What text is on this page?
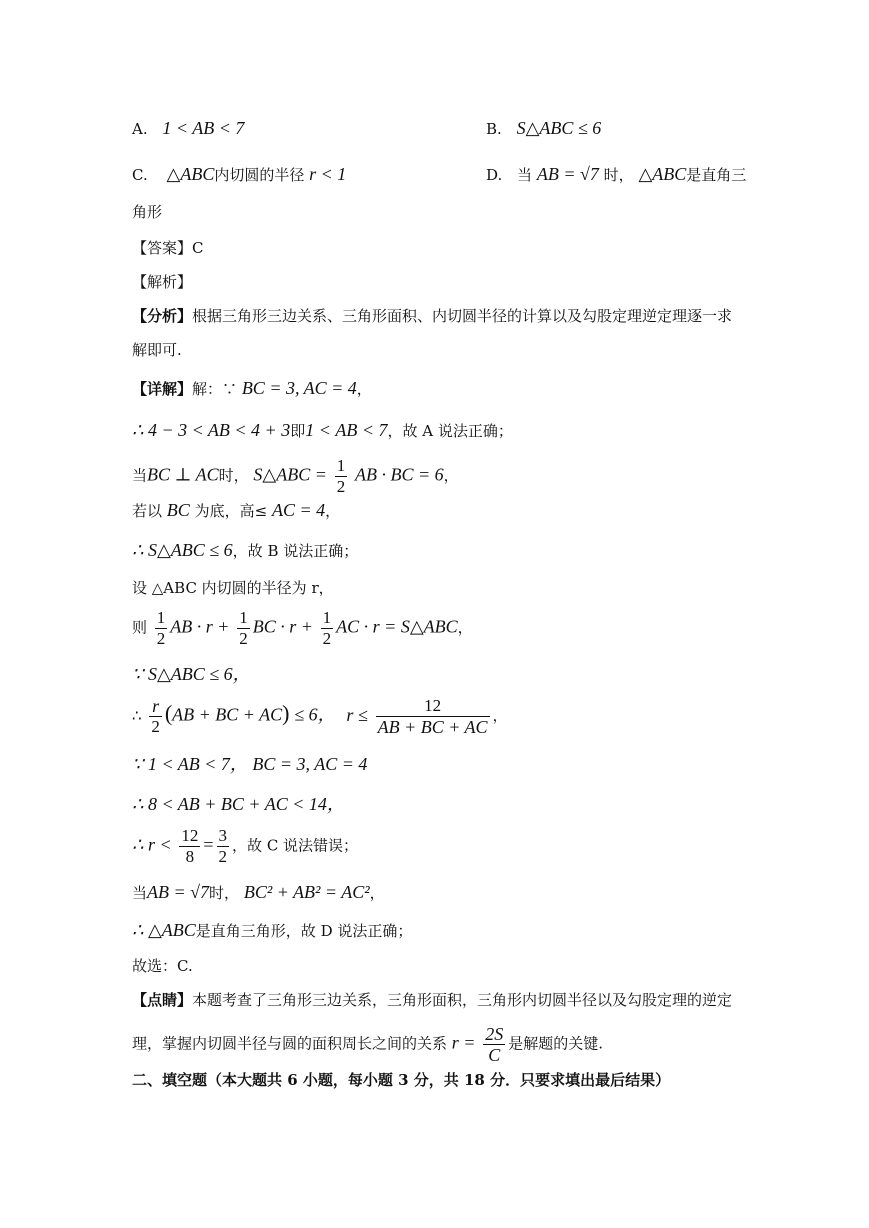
A. 1 < AB < 7	B. S△ABC ≤ 6
C. △ABC内切圆的半径 r < 1	D. 当 AB = √7 时， △ABC是直角三
角形
【答案】C
【解析】
【分析】根据三角形三边关系、三角形面积、内切圆半径的计算以及勾股定理逆定理逐一求
解即可.
【详解】解：∵ BC = 3, AC = 4，
∴ 4 − 3 < AB < 4 + 3即1 < AB < 7，故 A 说法正确；
当BC ⊥ AC时， S△ABC = $\frac{1}{2}$ AB · BC = 6，
若以 BC 为底，高≤ AC = 4，
∴ S△ABC ≤ 6，故 B 说法正确；
设 △ABC 内切圆的半径为 r，
则 $\frac{1}{2}$ AB · $r + \frac{1}{2}$ BC · $r + \frac{1}{2}$ AC · r = S△ABC，
∵ S△ABC ≤ 6，
∴ $\frac{r}{2} (AB$ + BC + AC) ≤ 6， $r \le \frac{12}{AB + BC + AC}$ ，
∵ 1 < AB < 7， BC = 3, AC = 4
∴ 8 < AB + BC + AC < 14，
∴ $r < \frac{12}{8} = \frac{3}{2}$ ，故 C 说法错误；
当AB = √7时， BC² + AB² = AC²，
∴ △ABC是直角三角形，故 D 说法正确；
故选：C.
【点睛】本题考查了三角形三边关系，三角形面积，三角形内切圆半径以及勾股定理的逆定
理，掌握内切圆半径与圆的面积周长之间的关系 $r = \frac{2S}{C}$ 是解题的关键.
二、填空题（本大题共 6 小题，每小题 3 分，共 18 分．只要求填出最后结果）
